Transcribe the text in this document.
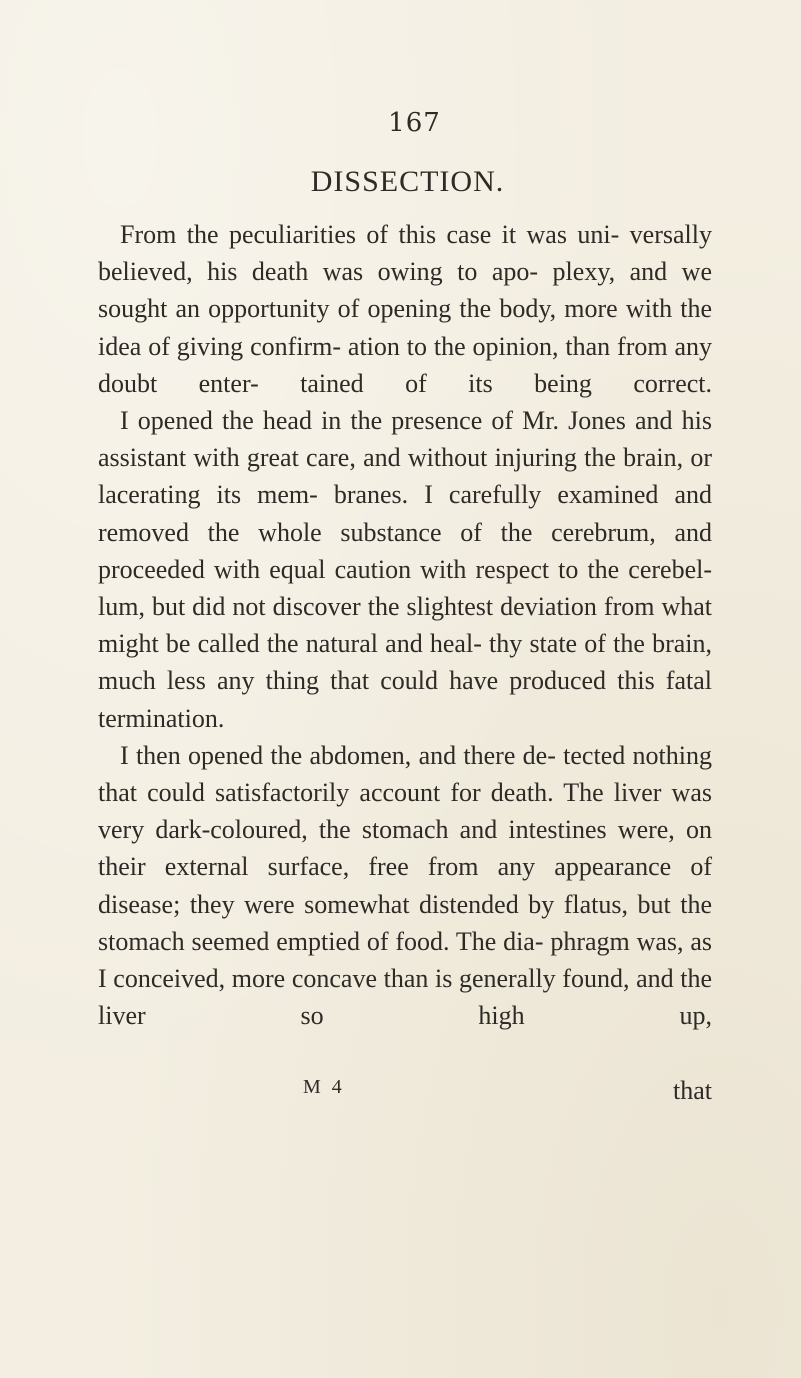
167
DISSECTION.

From the peculiarities of this case it was uni- versally believed, his death was owing to apo- plexy, and we sought an opportunity of opening the body, more with the idea of giving confirm- ation to the opinion, than from any doubt enter- tained of its being correct.

I opened the head in the presence of Mr. Jones and his assistant with great care, and without injuring the brain, or lacerating its mem- branes. I carefully examined and removed the whole substance of the cerebrum, and proceeded with equal caution with respect to the cerebel- lum, but did not discover the slightest deviation from what might be called the natural and heal- thy state of the brain, much less any thing that could have produced this fatal termination.

I then opened the abdomen, and there de- tected nothing that could satisfactorily account for death. The liver was very dark-coloured, the stomach and intestines were, on their external surface, free from any appearance of disease; they were somewhat distended by flatus, but the stomach seemed emptied of food. The dia- phragm was, as I conceived, more concave than is generally found, and the liver so high up,

M 4	that
